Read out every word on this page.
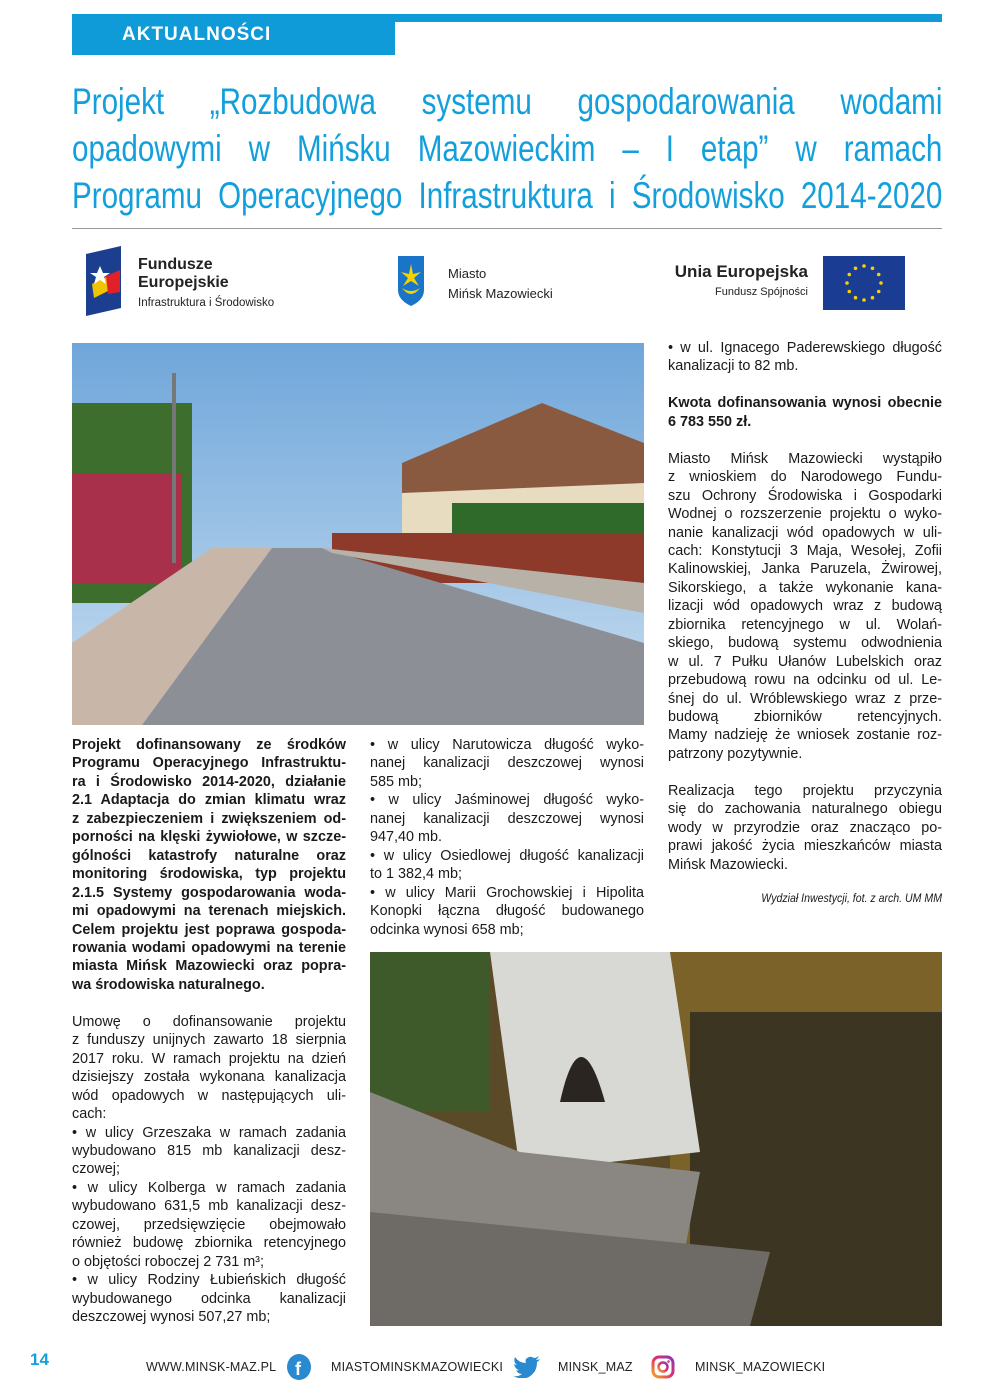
AKTUALNOŚCI
Projekt „Rozbudowa systemu gospodarowania wodami
opadowymi w Mińsku Mazowieckim – I etap” w ramach
Programu Operacyjnego Infrastruktura i Środowisko 2014-2020
Fundusze
Europejskie
Infrastruktura i Środowisko
Miasto
Mińsk Mazowiecki
Unia Europejska
Fundusz Spójności
Projekt dofinansowany ze środków
Programu Operacyjnego Infrastruktu-
ra i Środowisko 2014-2020, działanie
2.1 Adaptacja do zmian klimatu wraz
z zabezpieczeniem i zwiększeniem od-
porności na klęski żywiołowe, w szcze-
gólności katastrofy naturalne oraz
monitoring środowiska, typ projektu
2.1.5 Systemy gospodarowania woda-
mi opadowymi na terenach miejskich.
Celem projektu jest poprawa gospoda-
rowania wodami opadowymi na terenie
miasta Mińsk Mazowiecki oraz popra-
wa środowiska naturalnego.
Umowę o dofinansowanie projektu
z funduszy unijnych zawarto 18 sierpnia
2017 roku. W ramach projektu na dzień
dzisiejszy została wykonana kanalizacja
wód opadowych w następujących uli-
cach:
• w ulicy Grzeszaka w ramach zadania
wybudowano 815 mb kanalizacji desz-
czowej;
• w ulicy Kolberga w ramach zadania
wybudowano 631,5 mb kanalizacji desz-
czowej, przedsięwzięcie obejmowało
również budowę zbiornika retencyjnego
o objętości roboczej 2 731 m³;
• w ulicy Rodziny Łubieńskich długość
wybudowanego odcinka kanalizacji
deszczowej wynosi 507,27 mb;
• w ulicy Narutowicza długość wyko-
nanej kanalizacji deszczowej wynosi
585 mb;
• w ulicy Jaśminowej długość wyko-
nanej kanalizacji deszczowej wynosi
947,40 mb.
• w ulicy Osiedlowej długość kanalizacji
to 1 382,4 mb;
• w ulicy Marii Grochowskiej i Hipolita
Konopki łączna długość budowanego
odcinka wynosi 658 mb;
• w ul. Ignacego Paderewskiego długość
kanalizacji to 82 mb.
Kwota dofinansowania wynosi obecnie
6 783 550 zł.
Miasto Mińsk Mazowiecki wystąpiło
z wnioskiem do Narodowego Fundu-
szu Ochrony Środowiska i Gospodarki
Wodnej o rozszerzenie projektu o wyko-
nanie kanalizacji wód opadowych w uli-
cach: Konstytucji 3 Maja, Wesołej, Zofii
Kalinowskiej, Janka Paruzela, Żwirowej,
Sikorskiego, a także wykonanie kana-
lizacji wód opadowych wraz z budową
zbiornika retencyjnego w ul. Wolań-
skiego, budową systemu odwodnienia
w ul. 7 Pułku Ułanów Lubelskich oraz
przebudową rowu na odcinku od ul. Le-
śnej do ul. Wróblewskiego wraz z prze-
budową zbiorników retencyjnych.
Mamy nadzieję że wniosek zostanie roz-
patrzony pozytywnie.
Realizacja tego projektu przyczynia
się do zachowania naturalnego obiegu
wody w przyrodzie oraz znacząco po-
prawi jakość życia mieszkańców miasta
Mińsk Mazowiecki.
Wydział Inwestycji, fot. z arch. UM MM
14	WWW.MINSK-MAZ.PL f MIASTOMINSKMAZOWIECKI	MINSK_MAZ	MINSK_MAZOWIECKI
